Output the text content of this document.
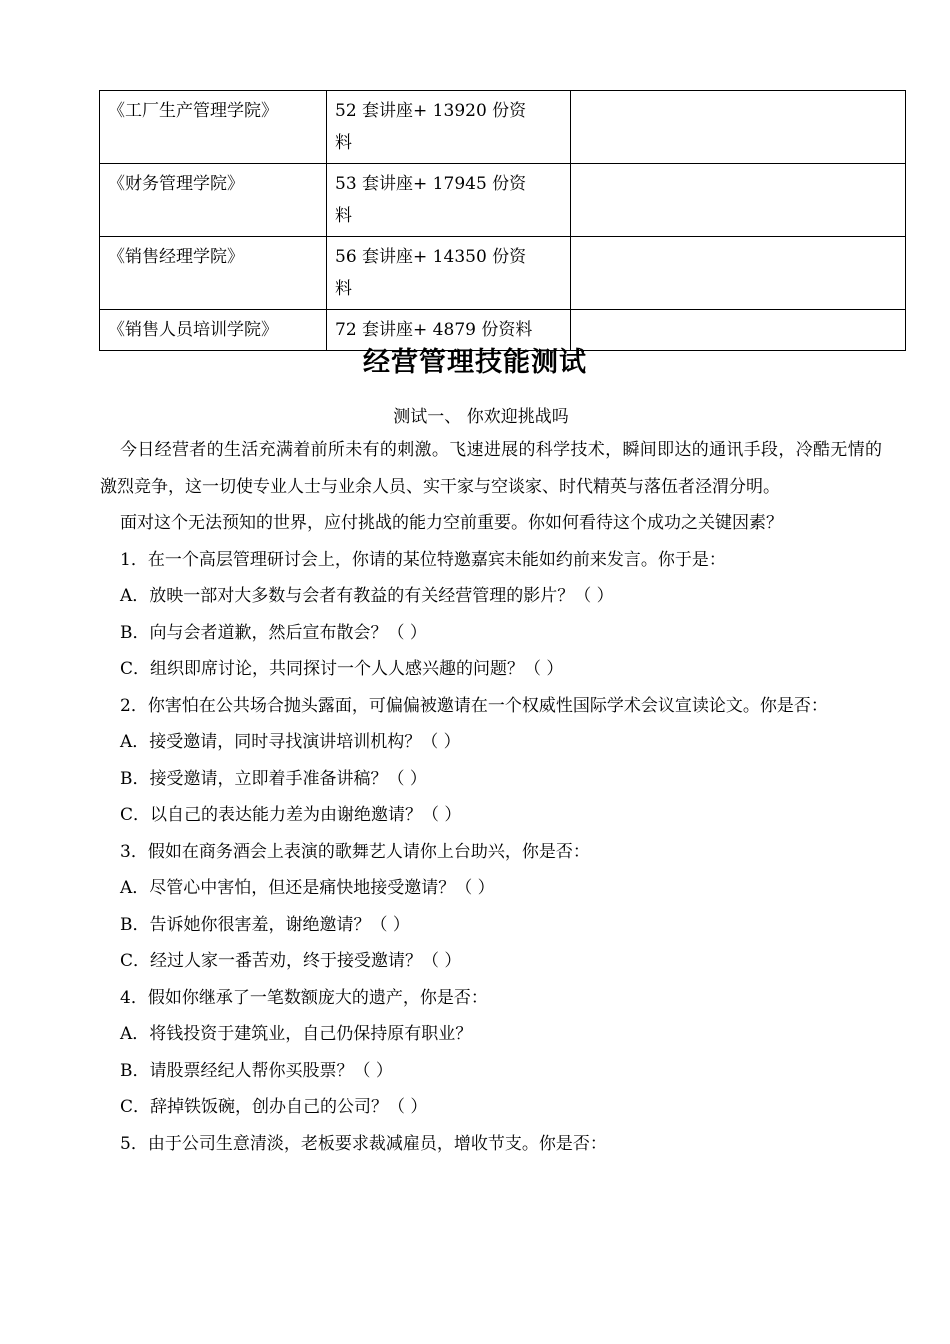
《工厂生产管理学院》	52 套讲座+ 13920 份资料	
《财务管理学院》	53 套讲座+ 17945 份资料	
《销售经理学院》	56 套讲座+ 14350 份资料	
《销售人员培训学院》	72 套讲座+ 4879 份资料	
经营管理技能测试
测试一、 你欢迎挑战吗

今日经营者的生活充满着前所未有的刺激。飞速进展的科学技术，瞬间即达的通讯手段，冷酷无情的激烈竞争，这一切使专业人士与业余人员、实干家与空谈家、时代精英与落伍者泾渭分明。

面对这个无法预知的世界，应付挑战的能力空前重要。你如何看待这个成功之关键因素？

1．在一个高层管理研讨会上，你请的某位特邀嘉宾未能如约前来发言。你于是：

A．放映一部对大多数与会者有教益的有关经营管理的影片？（ ）

B．向与会者道歉，然后宣布散会？（ ）

C．组织即席讨论，共同探讨一个人人感兴趣的问题？（ ）

2．你害怕在公共场合抛头露面，可偏偏被邀请在一个权威性国际学术会议宣读论文。你是否：

A．接受邀请，同时寻找演讲培训机构？（ ）

B．接受邀请，立即着手准备讲稿？（ ）

C．以自己的表达能力差为由谢绝邀请？（ ）

3．假如在商务酒会上表演的歌舞艺人请你上台助兴，你是否：

A．尽管心中害怕，但还是痛快地接受邀请？（ ）

B．告诉她你很害羞，谢绝邀请？（ ）

C．经过人家一番苦劝，终于接受邀请？（ ）

4．假如你继承了一笔数额庞大的遗产，你是否：

A．将钱投资于建筑业，自己仍保持原有职业？

B．请股票经纪人帮你买股票？（ ）

C．辞掉铁饭碗，创办自己的公司？（ ）

5．由于公司生意清淡，老板要求裁减雇员，增收节支。你是否：
